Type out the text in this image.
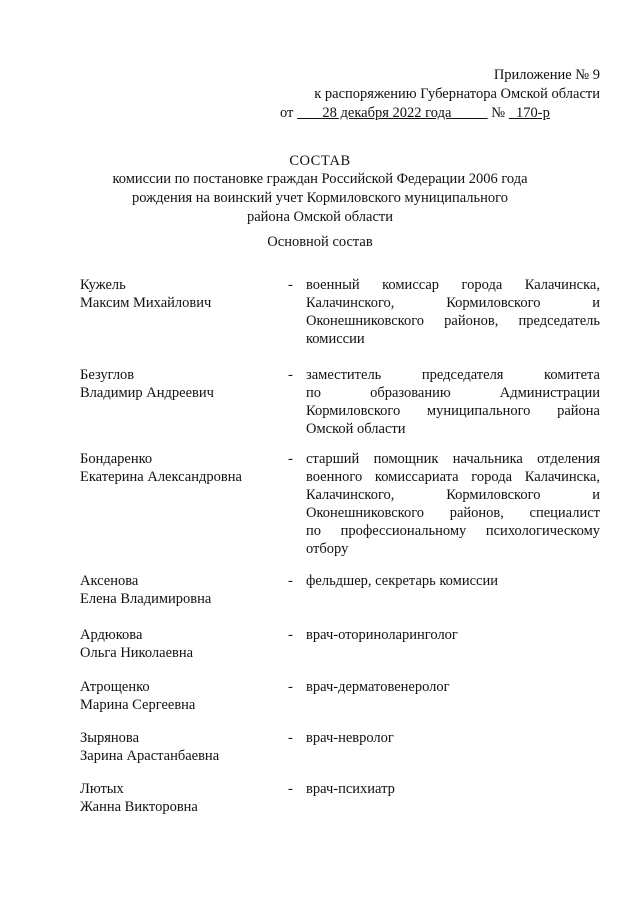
Приложение № 9
к распоряжению Губернатора Омской области
от 28 декабря 2022 года	№ 170-р
СОСТАВ
комиссии по постановке граждан Российской Федерации 2006 года
рождения на воинский учет Кормиловского муниципального
района Омской области
Основной состав
Кужель
Максим Михайлович
- военный комиссар города Калачинска,
Калачинского, Кормиловского и
Оконешниковского районов, председатель
комиссии
Безуглов
Владимир Андреевич
- заместитель председателя комитета
по образованию Администрации
Кормиловского муниципального района
Омской области
Бондаренко
Екатерина Александровна
- старший помощник начальника отделения
военного комиссариата города Калачинска,
Калачинского, Кормиловского и
Оконешниковского районов, специалист
по профессиональному психологическому
отбору
Аксенова
Елена Владимировна
- фельдшер, секретарь комиссии
Ардюкова
Ольга Николаевна
- врач-оториноларинголог
Атрощенко
Марина Сергеевна
- врач-дерматовенеролог
Зырянова
Зарина Арастанбаевна
- врач-невролог
Лютых
Жанна Викторовна
- врач-психиатр
